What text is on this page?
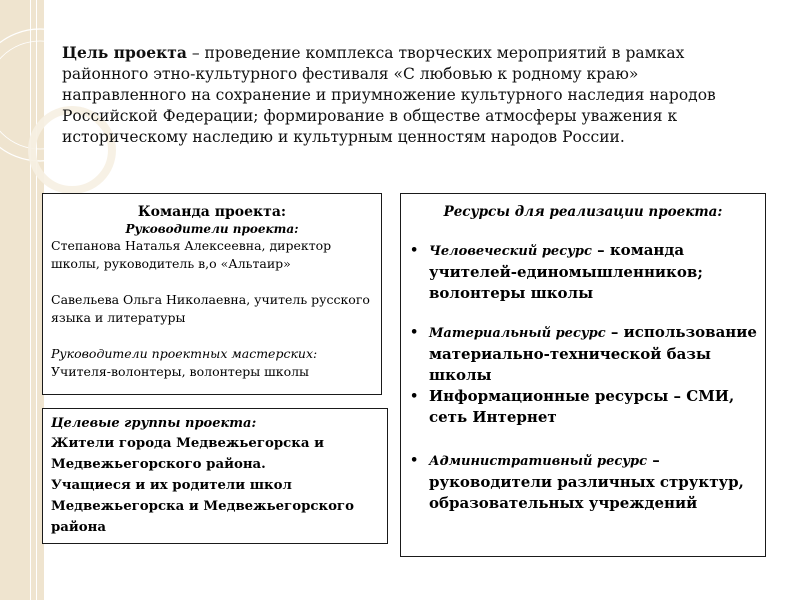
Цель проекта – проведение комплекса творческих мероприятий в рамках районного этно-культурного фестиваля «С любовью к родному краю» направленного на сохранение и приумножение культурного наследия народов Российской Федерации; формирование в обществе атмосферы уважения к историческому наследию и культурным ценностям народов России.
Команда проекта:
Руководители проекта:
Степанова Наталья Алексеевна, директор школы, руководитель в,о «Альтаир»
Савельева Ольга Николаевна, учитель русского языка и литературы
Руководители проектных мастерских:
Учителя-волонтеры, волонтеры школы
Целевые группы проекта:
Жители города Медвежьегорска и Медвежьегорского района.
Учащиеся и их родители школ Медвежьегорска и Медвежьегорского района
Ресурсы для реализации проекта:
• Человеческий ресурс – команда учителей-единомышленников; волонтеры школы
• Материальный ресурс – использование материально-технической базы школы
• Информационные ресурсы – СМИ, сеть Интернет
• Административный ресурс – руководители различных структур, образовательных учреждений
